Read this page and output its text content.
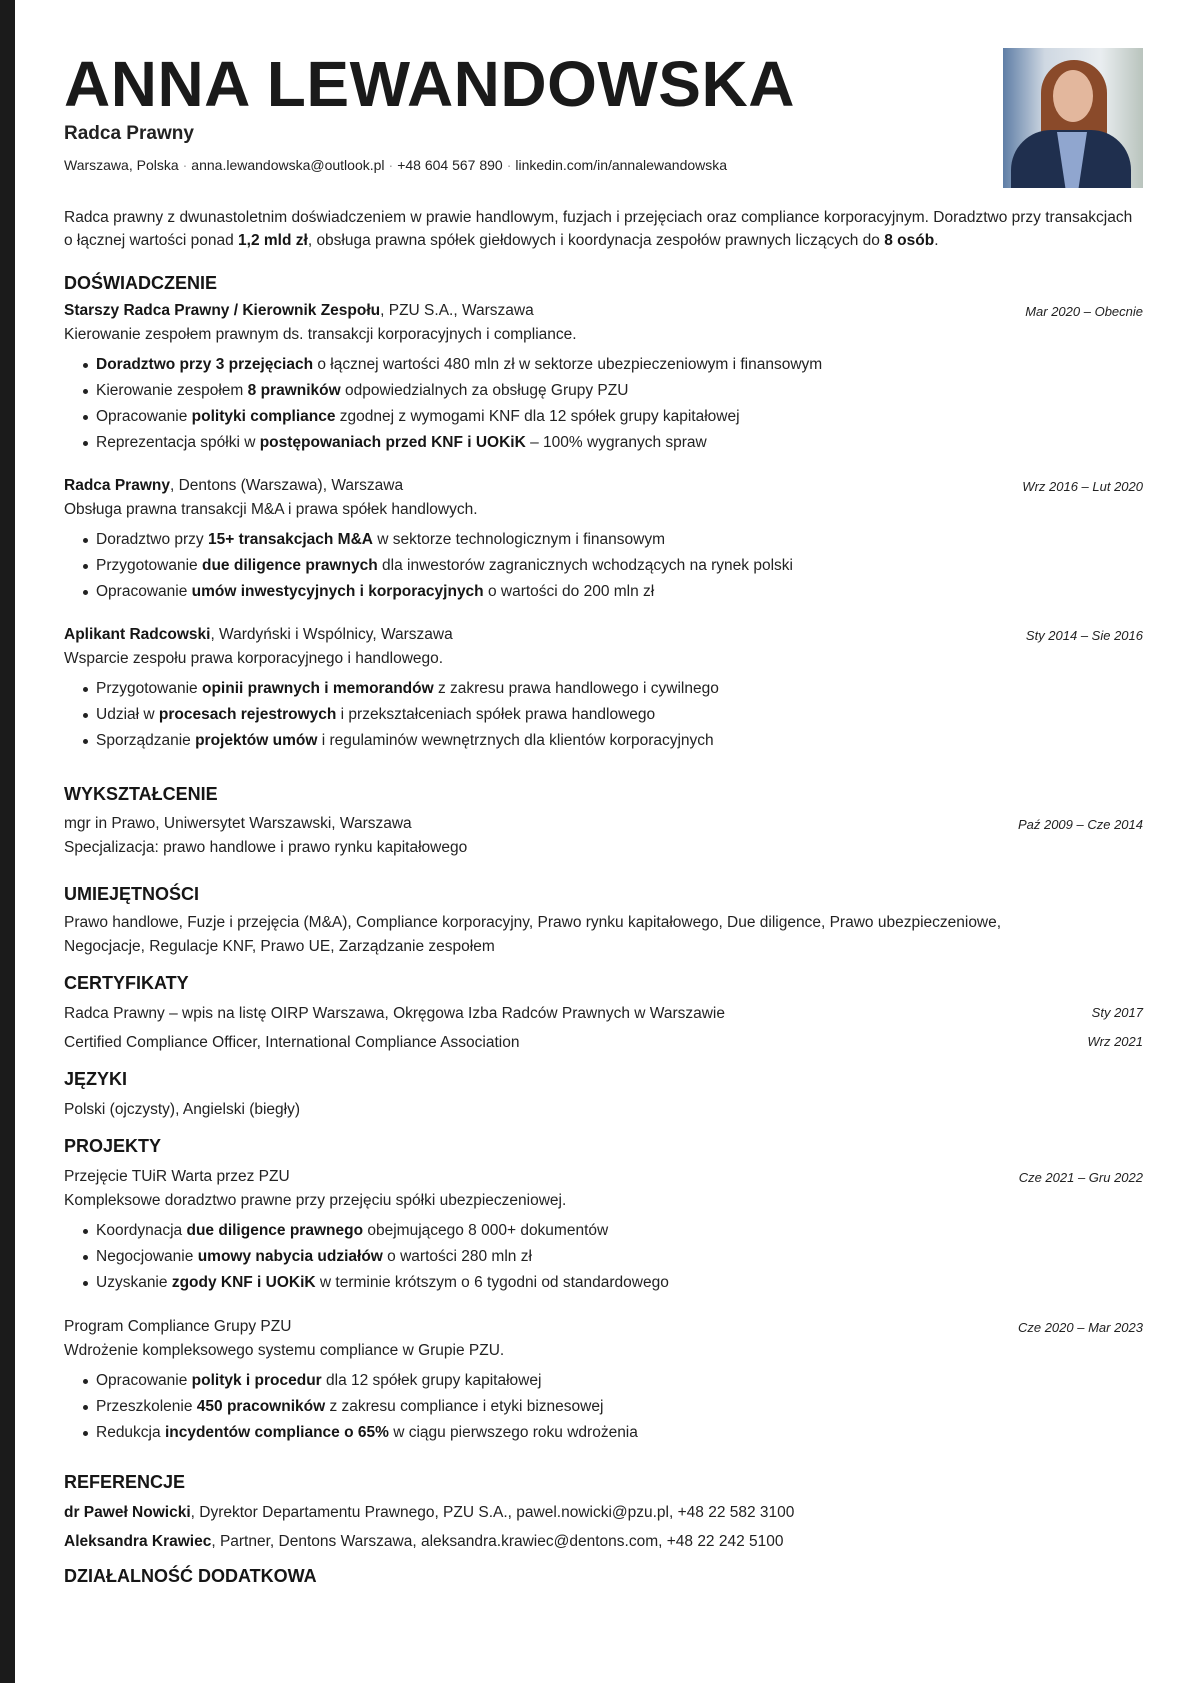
ANNA LEWANDOWSKA
Radca Prawny
Warszawa, Polska · anna.lewandowska@outlook.pl · +48 604 567 890 · linkedin.com/in/annalewandowska
Radca prawny z dwunastoletnim doświadczeniem w prawie handlowym, fuzjach i przejęciach oraz compliance korporacyjnym. Doradztwo przy transakcjach o łącznej wartości ponad 1,2 mld zł, obsługa prawna spółek giełdowych i koordynacja zespołów prawnych liczących do 8 osób.
DOŚWIADCZENIE
Starszy Radca Prawny / Kierownik Zespołu, PZU S.A., Warszawa	Mar 2020 – Obecnie
Kierowanie zespołem prawnym ds. transakcji korporacyjnych i compliance.
Doradztwo przy 3 przejęciach o łącznej wartości 480 mln zł w sektorze ubezpieczeniowym i finansowym
Kierowanie zespołem 8 prawników odpowiedzialnych za obsługę Grupy PZU
Opracowanie polityki compliance zgodnej z wymogami KNF dla 12 spółek grupy kapitałowej
Reprezentacja spółki w postępowaniach przed KNF i UOKiK – 100% wygranych spraw
Radca Prawny, Dentons (Warszawa), Warszawa	Wrz 2016 – Lut 2020
Obsługa prawna transakcji M&A i prawa spółek handlowych.
Doradztwo przy 15+ transakcjach M&A w sektorze technologicznym i finansowym
Przygotowanie due diligence prawnych dla inwestorów zagranicznych wchodzących na rynek polski
Opracowanie umów inwestycyjnych i korporacyjnych o wartości do 200 mln zł
Aplikant Radcowski, Wardyński i Wspólnicy, Warszawa	Sty 2014 – Sie 2016
Wsparcie zespołu prawa korporacyjnego i handlowego.
Przygotowanie opinii prawnych i memorandów z zakresu prawa handlowego i cywilnego
Udział w procesach rejestrowych i przekształceniach spółek prawa handlowego
Sporządzanie projektów umów i regulaminów wewnętrznych dla klientów korporacyjnych
WYKSZTAŁCENIE
mgr in Prawo, Uniwersytet Warszawski, Warszawa	Paź 2009 – Cze 2014
Specjalizacja: prawo handlowe i prawo rynku kapitałowego
UMIEJĘTNOŚCI
Prawo handlowe, Fuzje i przejęcia (M&A), Compliance korporacyjny, Prawo rynku kapitałowego, Due diligence, Prawo ubezpieczeniowe,
Negocjacje, Regulacje KNF, Prawo UE, Zarządzanie zespołem
CERTYFIKATY
Radca Prawny – wpis na listę OIRP Warszawa, Okręgowa Izba Radców Prawnych w Warszawie	Sty 2017
Certified Compliance Officer, International Compliance Association	Wrz 2021
JĘZYKI
Polski (ojczysty), Angielski (biegły)
PROJEKTY
Przejęcie TUiR Warta przez PZU	Cze 2021 – Gru 2022
Kompleksowe doradztwo prawne przy przejęciu spółki ubezpieczeniowej.
Koordynacja due diligence prawnego obejmującego 8 000+ dokumentów
Negocjowanie umowy nabycia udziałów o wartości 280 mln zł
Uzyskanie zgody KNF i UOKiK w terminie krótszym o 6 tygodni od standardowego
Program Compliance Grupy PZU	Cze 2020 – Mar 2023
Wdrożenie kompleksowego systemu compliance w Grupie PZU.
Opracowanie polityk i procedur dla 12 spółek grupy kapitałowej
Przeszkolenie 450 pracowników z zakresu compliance i etyki biznesowej
Redukcja incydentów compliance o 65% w ciągu pierwszego roku wdrożenia
REFERENCJE
dr Paweł Nowicki, Dyrektor Departamentu Prawnego, PZU S.A., pawel.nowicki@pzu.pl, +48 22 582 3100
Aleksandra Krawiec, Partner, Dentons Warszawa, aleksandra.krawiec@dentons.com, +48 22 242 5100
DZIAŁALNOŚĆ DODATKOWA
